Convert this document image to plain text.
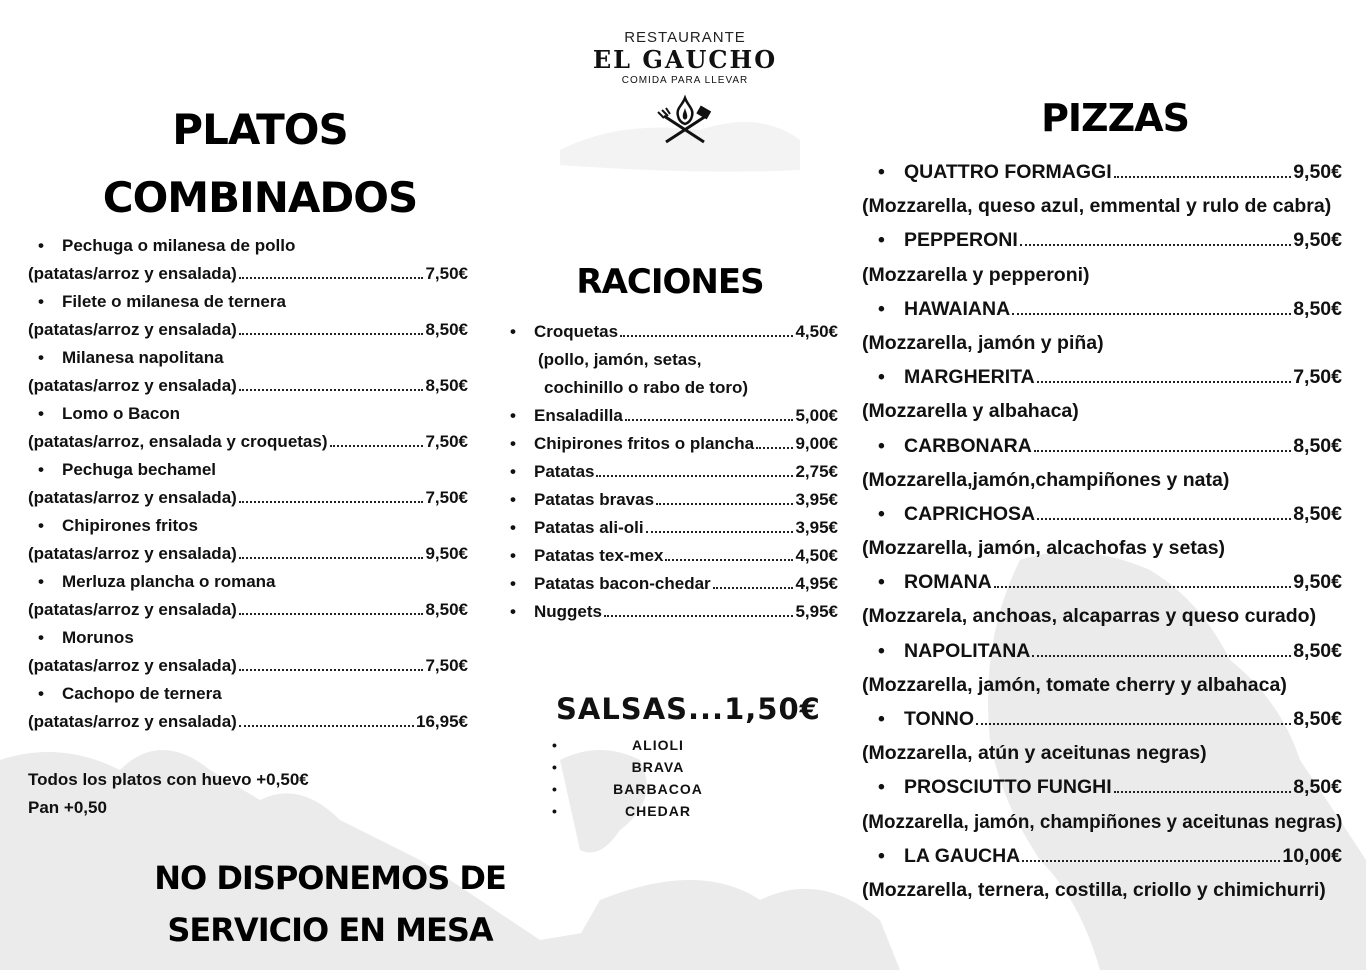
RESTAURANTE
EL GAUCHO
COMIDA PARA LLEVAR
PLATOS
COMBINADOS
• Pechuga o milanesa de pollo
(patatas/arroz y ensalada)	7,50€
• Filete o milanesa de ternera
(patatas/arroz y ensalada)	8,50€
• Milanesa napolitana
(patatas/arroz y ensalada)	8,50€
• Lomo o Bacon
(patatas/arroz, ensalada y croquetas)	7,50€
• Pechuga bechamel
(patatas/arroz y ensalada)	7,50€
• Chipirones fritos
(patatas/arroz y ensalada)	9,50€
• Merluza plancha o romana
(patatas/arroz y ensalada)	8,50€
• Morunos
(patatas/arroz y ensalada)	7,50€
• Cachopo de ternera
(patatas/arroz y ensalada)	16,95€
Todos los platos con huevo +0,50€
Pan +0,50
NO DISPONEMOS DE
SERVICIO EN MESA
RACIONES
• Croquetas	4,50€
(pollo, jamón, setas,
cochinillo o rabo de toro)
• Ensaladilla	5,00€
• Chipirones fritos o plancha 9,00€
• Patatas	2,75€
• Patatas bravas	3,95€
• Patatas ali-oli	3,95€
• Patatas tex-mex	4,50€
• Patatas bacon-chedar	4,95€
• Nuggets	5,95€
SALSAS...1,50€
• ALIOLI
• BRAVA
• BARBACOA
• CHEDAR
PIZZAS
• QUATTRO FORMAGGI	9,50€
(Mozzarella, queso azul, emmental y rulo de cabra)
• PEPPERONI	9,50€
(Mozzarella y pepperoni)
• HAWAIANA	8,50€
(Mozzarella, jamón y piña)
• MARGHERITA	7,50€
(Mozzarella y albahaca)
• CARBONARA	8,50€
(Mozzarella,jamón,champiñones y nata)
• CAPRICHOSA	8,50€
(Mozzarella, jamón, alcachofas y setas)
• ROMANA	9,50€
(Mozzarela, anchoas, alcaparras y queso curado)
• NAPOLITANA	8,50€
(Mozzarella, jamón, tomate cherry y albahaca)
• TONNO	8,50€
(Mozzarella, atún y aceitunas negras)
• PROSCIUTTO FUNGHI	8,50€
(Mozzarella, jamón, champiñones y aceitunas negras)
• LA GAUCHA	10,00€
(Mozzarella, ternera, costilla, criollo y chimichurri)
